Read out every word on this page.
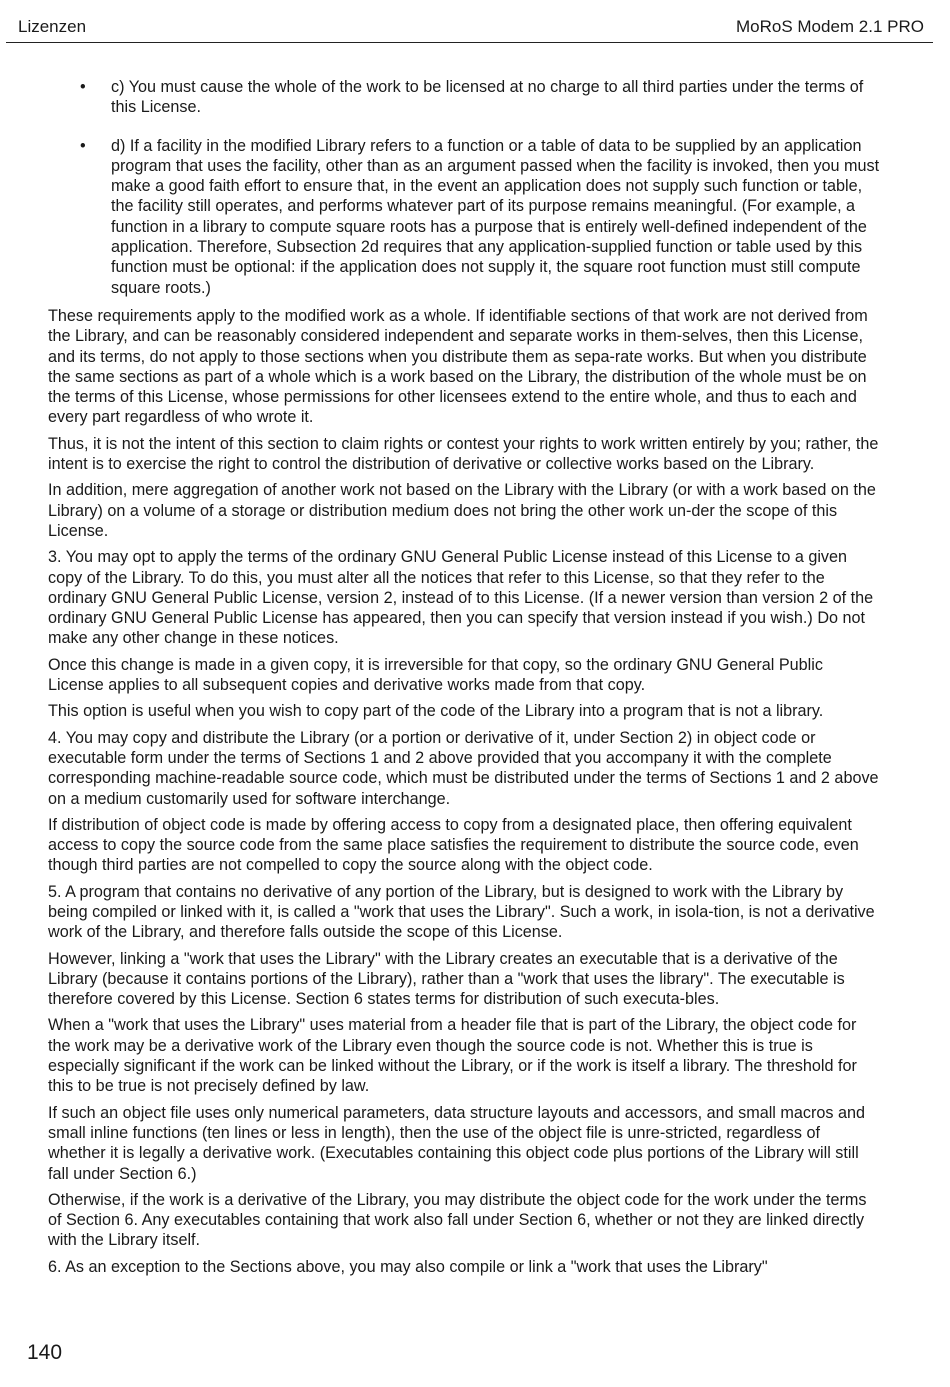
Lizenzen	MoRoS Modem 2.1 PRO
• c) You must cause the whole of the work to be licensed at no charge to all third parties under the terms of this License.
• d) If a facility in the modified Library refers to a function or a table of data to be supplied by an application program that uses the facility, other than as an argument passed when the facility is invoked, then you must make a good faith effort to ensure that, in the event an application does not supply such function or table, the facility still operates, and performs whatever part of its purpose remains meaningful. (For example, a function in a library to compute square roots has a purpose that is entirely well-defined independent of the application. Therefore, Subsection 2d requires that any application-supplied function or table used by this function must be optional: if the application does not supply it, the square root function must still compute square roots.)

These requirements apply to the modified work as a whole. If identifiable sections of that work are not derived from the Library, and can be reasonably considered independent and separate works in them-selves, then this License, and its terms, do not apply to those sections when you distribute them as sepa-rate works. But when you distribute the same sections as part of a whole which is a work based on the Library, the distribution of the whole must be on the terms of this License, whose permissions for other licensees extend to the entire whole, and thus to each and every part regardless of who wrote it.

Thus, it is not the intent of this section to claim rights or contest your rights to work written entirely by you; rather, the intent is to exercise the right to control the distribution of derivative or collective works based on the Library.

In addition, mere aggregation of another work not based on the Library with the Library (or with a work based on the Library) on a volume of a storage or distribution medium does not bring the other work un-der the scope of this License.

3. You may opt to apply the terms of the ordinary GNU General Public License instead of this License to a given copy of the Library. To do this, you must alter all the notices that refer to this License, so that they refer to the ordinary GNU General Public License, version 2, instead of to this License. (If a newer version than version 2 of the ordinary GNU General Public License has appeared, then you can specify that version instead if you wish.) Do not make any other change in these notices.

Once this change is made in a given copy, it is irreversible for that copy, so the ordinary GNU General Public License applies to all subsequent copies and derivative works made from that copy.

This option is useful when you wish to copy part of the code of the Library into a program that is not a library.

4. You may copy and distribute the Library (or a portion or derivative of it, under Section 2) in object code or executable form under the terms of Sections 1 and 2 above provided that you accompany it with the complete corresponding machine-readable source code, which must be distributed under the terms of Sections 1 and 2 above on a medium customarily used for software interchange.

If distribution of object code is made by offering access to copy from a designated place, then offering equivalent access to copy the source code from the same place satisfies the requirement to distribute the source code, even though third parties are not compelled to copy the source along with the object code.

5. A program that contains no derivative of any portion of the Library, but is designed to work with the Library by being compiled or linked with it, is called a "work that uses the Library". Such a work, in isola-tion, is not a derivative work of the Library, and therefore falls outside the scope of this License.

However, linking a "work that uses the Library" with the Library creates an executable that is a derivative of the Library (because it contains portions of the Library), rather than a "work that uses the library". The executable is therefore covered by this License. Section 6 states terms for distribution of such executa-bles.

When a "work that uses the Library" uses material from a header file that is part of the Library, the object code for the work may be a derivative work of the Library even though the source code is not. Whether this is true is especially significant if the work can be linked without the Library, or if the work is itself a library. The threshold for this to be true is not precisely defined by law.

If such an object file uses only numerical parameters, data structure layouts and accessors, and small macros and small inline functions (ten lines or less in length), then the use of the object file is unre-stricted, regardless of whether it is legally a derivative work. (Executables containing this object code plus portions of the Library will still fall under Section 6.)

Otherwise, if the work is a derivative of the Library, you may distribute the object code for the work under the terms of Section 6. Any executables containing that work also fall under Section 6, whether or not they are linked directly with the Library itself.

6. As an exception to the Sections above, you may also compile or link a "work that uses the Library"

140
